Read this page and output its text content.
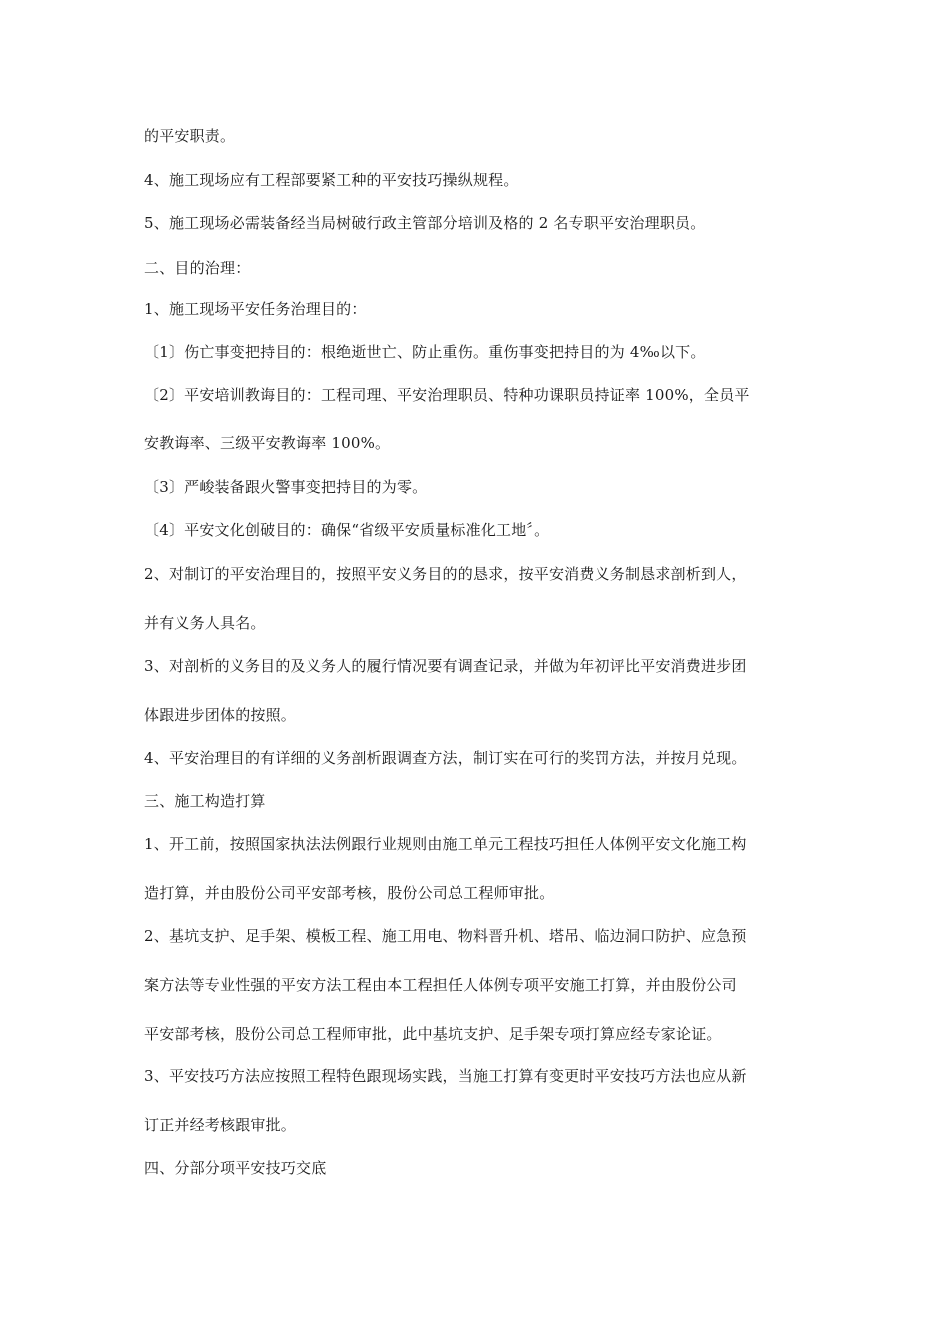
的平安职责。
4、施工现场应有工程部要紧工种的平安技巧操纵规程。
5、施工现场必需装备经当局树破行政主管部分培训及格的 2 名专职平安治理职员。
二、目的治理：
1、施工现场平安任务治理目的：
〔1〕伤亡事变把持目的：根绝逝世亡、防止重伤。重伤事变把持目的为 4‰以下。
〔2〕平安培训教诲目的：工程司理、平安治理职员、特种功课职员持证率 100%，全员平
安教诲率、三级平安教诲率 100%。
〔3〕严峻装备跟火警事变把持目的为零。
〔4〕平安文化创破目的：确保“省级平安质量标准化工地〞。
2、对制订的平安治理目的，按照平安义务目的的恳求，按平安消费义务制恳求剖析到人，
并有义务人具名。
3、对剖析的义务目的及义务人的履行情况要有调查记录，并做为年初评比平安消费进步团
体跟进步团体的按照。
4、平安治理目的有详细的义务剖析跟调查方法，制订实在可行的奖罚方法，并按月兑现。
三、施工构造打算
1、开工前，按照国家执法法例跟行业规则由施工单元工程技巧担任人体例平安文化施工构
造打算，并由股份公司平安部考核，股份公司总工程师审批。
2、基坑支护、足手架、模板工程、施工用电、物料晋升机、塔吊、临边洞口防护、应急预
案方法等专业性强的平安方法工程由本工程担任人体例专项平安施工打算，并由股份公司
平安部考核，股份公司总工程师审批，此中基坑支护、足手架专项打算应经专家论证。
3、平安技巧方法应按照工程特色跟现场实践，当施工打算有变更时平安技巧方法也应从新
订正并经考核跟审批。
四、分部分项平安技巧交底
